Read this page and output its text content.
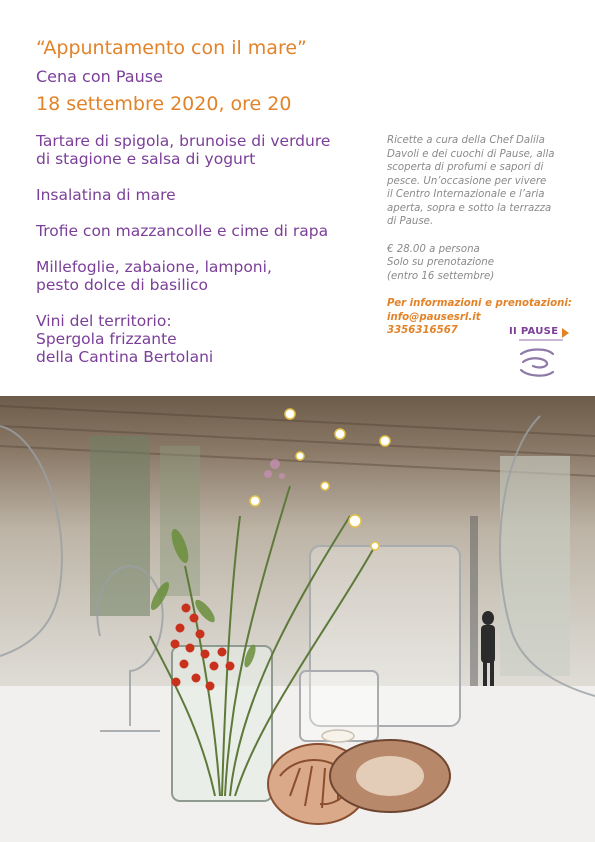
“Appuntamento con il mare”
Cena con Pause
18 settembre 2020, ore 20
Tartare di spigola, brunoise di verdure
di stagione e salsa di yogurt
Insalatina di mare
Trofie con mazzancolle e cime di rapa
Millefoglie, zabaione, lamponi,
pesto dolce di basilico
Vini del territorio:
Spergola frizzante
della Cantina Bertolani
Ricette a cura della Chef Dalila
Davoli e dei cuochi di Pause, alla
scoperta di profumi e sapori di
pesce. Un’occasione per vivere
il Centro Internazionale e l’aria
aperta, sopra e sotto la terrazza
di Pause.
€ 28.00 a persona
Solo su prenotazione
(entro 16 settembre)
Per informazioni e prenotazioni:
info@pausesrl.it
3356316567	II PAUSE
